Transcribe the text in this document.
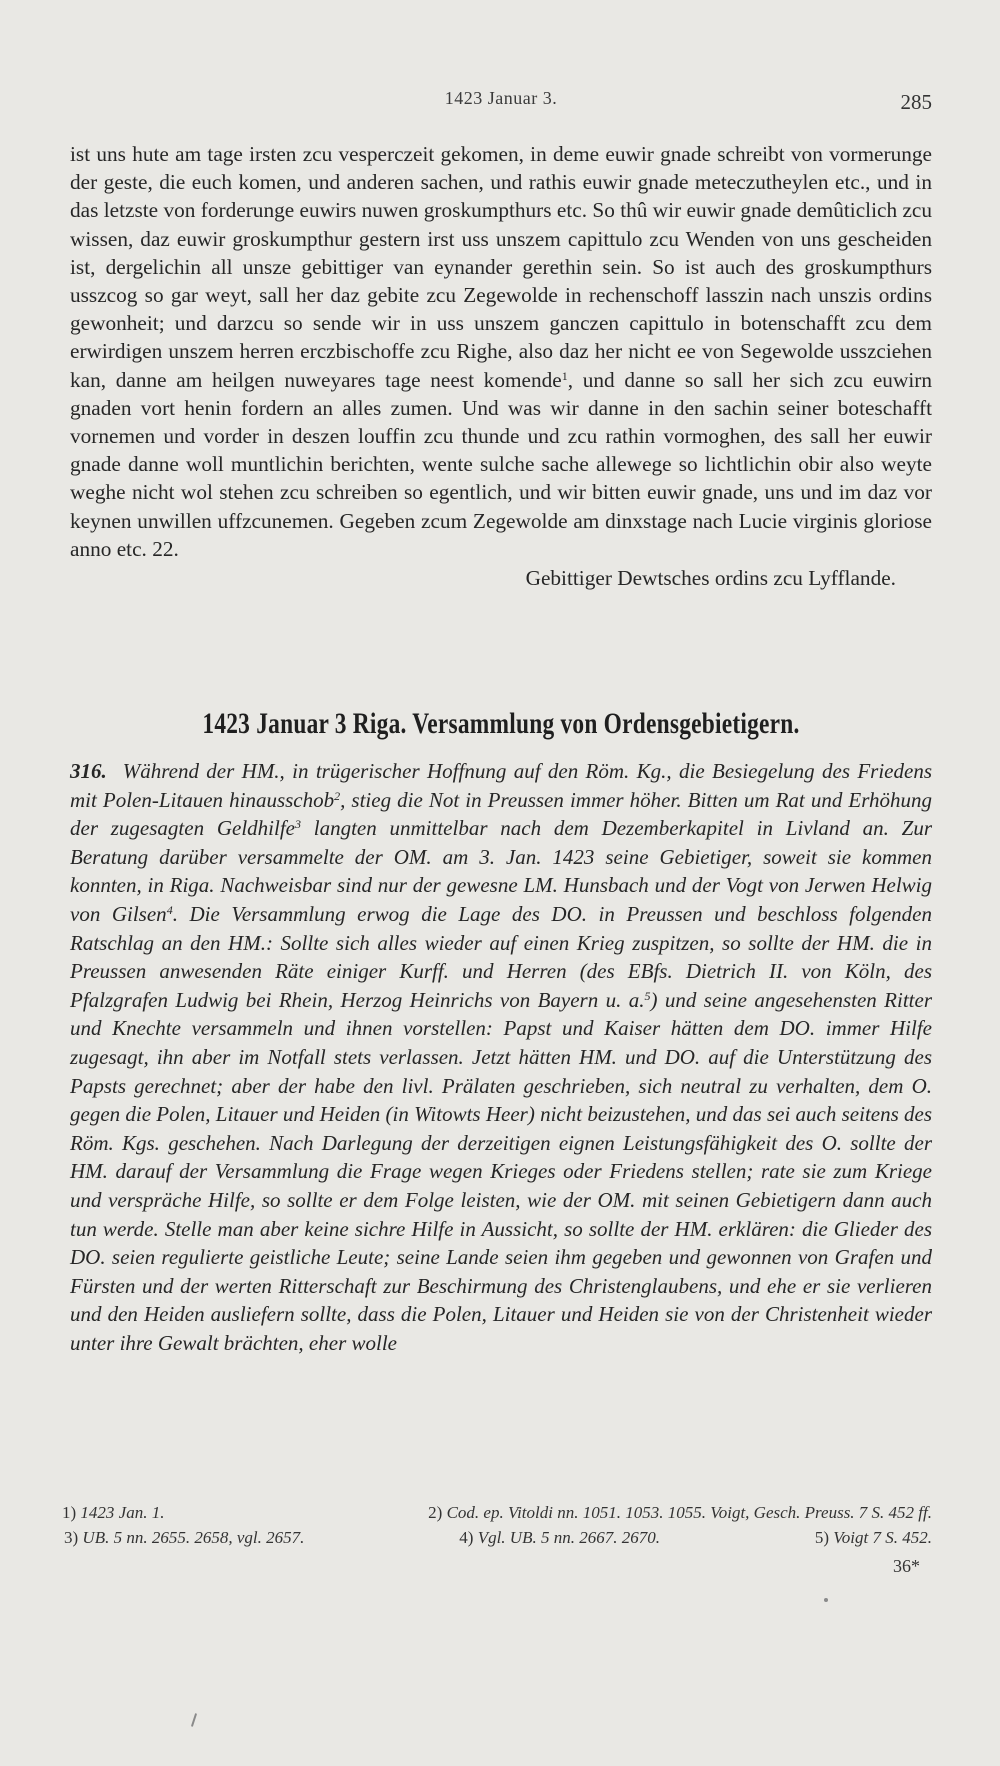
1423 Januar 3.	285

ist uns hute am tage irsten zcu vesperczeit gekomen, in deme euwir gnade schreibt von vormerunge der geste, die euch komen, und anderen sachen, und rathis euwir gnade meteczutheylen etc., und in das letzste von forderunge euwirs nuwen groskumpthurs etc. So thû wir euwir gnade demûticlich zcu wissen, daz euwir groskumpthur gestern irst uss unszem capittulo zcu Wenden von uns gescheiden ist, dergelichin all unsze gebittiger van eynander gerethin sein. So ist auch des groskumpthurs usszcog so gar weyt, sall her daz gebite zcu Zegewolde in rechenschoff lasszin nach unszis ordins gewonheit; und darzcu so sende wir in uss unszem ganczen capittulo in botenschafft zcu dem erwirdigen unszem herren erczbischoffe zcu Righe, also daz her nicht ee von Segewolde usszciehen kan, danne am heilgen nuweyares tage neest komende$^1$, und danne so sall her sich zcu euwirn gnaden vort henin fordern an alles zumen. Und was wir danne in den sachin seiner boteschafft vornemen und vorder in deszen louffin zcu thunde und zcu rathin vormoghen, des sall her euwir gnade danne woll muntlichin berichten, wente sulche sache allewege so lichtlichin obir also weyte weghe nicht wol stehen zcu schreiben so egentlich, und wir bitten euwir gnade, uns und im daz vor keynen unwillen uffzcunemen. Gegeben zcum Zegewolde am dinxstage nach Lucie virginis gloriose anno etc. 22.

Gebittiger Dewtsches ordins zcu Lyfflande.

1423 Januar 3 Riga. Versammlung von Ordensgebietigern.
316. Während der HM., in trügerischer Hoffnung auf den Röm. Kg., die Besiegelung des Friedens mit Polen-Litauen hinausschob$^2$, stieg die Not in Preussen immer höher. Bitten um Rat und Erhöhung der zugesagten Geldhilfe$^3$ langten unmittelbar nach dem Dezemberkapitel in Livland an. Zur Beratung darüber versammelte der OM. am 3. Jan. 1423 seine Gebietiger, soweit sie kommen konnten, in Riga. Nachweisbar sind nur der gewesne LM. Hunsbach und der Vogt von Jerwen Helwig von Gilsen$^4$. Die Versammlung erwog die Lage des DO. in Preussen und beschloss folgenden Ratschlag an den HM.: Sollte sich alles wieder auf einen Krieg zuspitzen, so sollte der HM. die in Preussen anwesenden Räte einiger Kurff. und Herren (des EBfs. Dietrich II. von Köln, des Pfalzgrafen Ludwig bei Rhein, Herzog Heinrichs von Bayern u. a.$^5$) und seine angesehensten Ritter und Knechte versammeln und ihnen vorstellen: Papst und Kaiser hätten dem DO. immer Hilfe zugesagt, ihn aber im Notfall stets verlassen. Jetzt hätten HM. und DO. auf die Unterstützung des Papsts gerechnet; aber der habe den livl. Prälaten geschrieben, sich neutral zu verhalten, dem O. gegen die Polen, Litauer und Heiden (in Witowts Heer) nicht beizustehen, und das sei auch seitens des Röm. Kgs. geschehen. Nach Darlegung der derzeitigen eignen Leistungsfähigkeit des O. sollte der HM. darauf der Versammlung die Frage wegen Krieges oder Friedens stellen; rate sie zum Kriege und verspräche Hilfe, so sollte er dem Folge leisten, wie der OM. mit seinen Gebietigern dann auch tun werde. Stelle man aber keine sichre Hilfe in Aussicht, so sollte der HM. erklären: die Glieder des DO. seien regulierte geistliche Leute; seine Lande seien ihm gegeben und gewonnen von Grafen und Fürsten und der werten Ritterschaft zur Beschirmung des Christenglaubens, und ehe er sie verlieren und den Heiden ausliefern sollte, dass die Polen, Litauer und Heiden sie von der Christenheit wieder unter ihre Gewalt brächten, eher wolle
1) 1423 Jan. 1.	2) Cod. ep. Vitoldi nn. 1051. 1053. 1055. Voigt, Gesch. Preuss. 7 S. 452 ff.
3) UB. 5 nn. 2655. 2658, vgl. 2657.	4) Vgl. UB. 5 nn. 2667. 2670.	5) Voigt 7 S. 452.
36*
